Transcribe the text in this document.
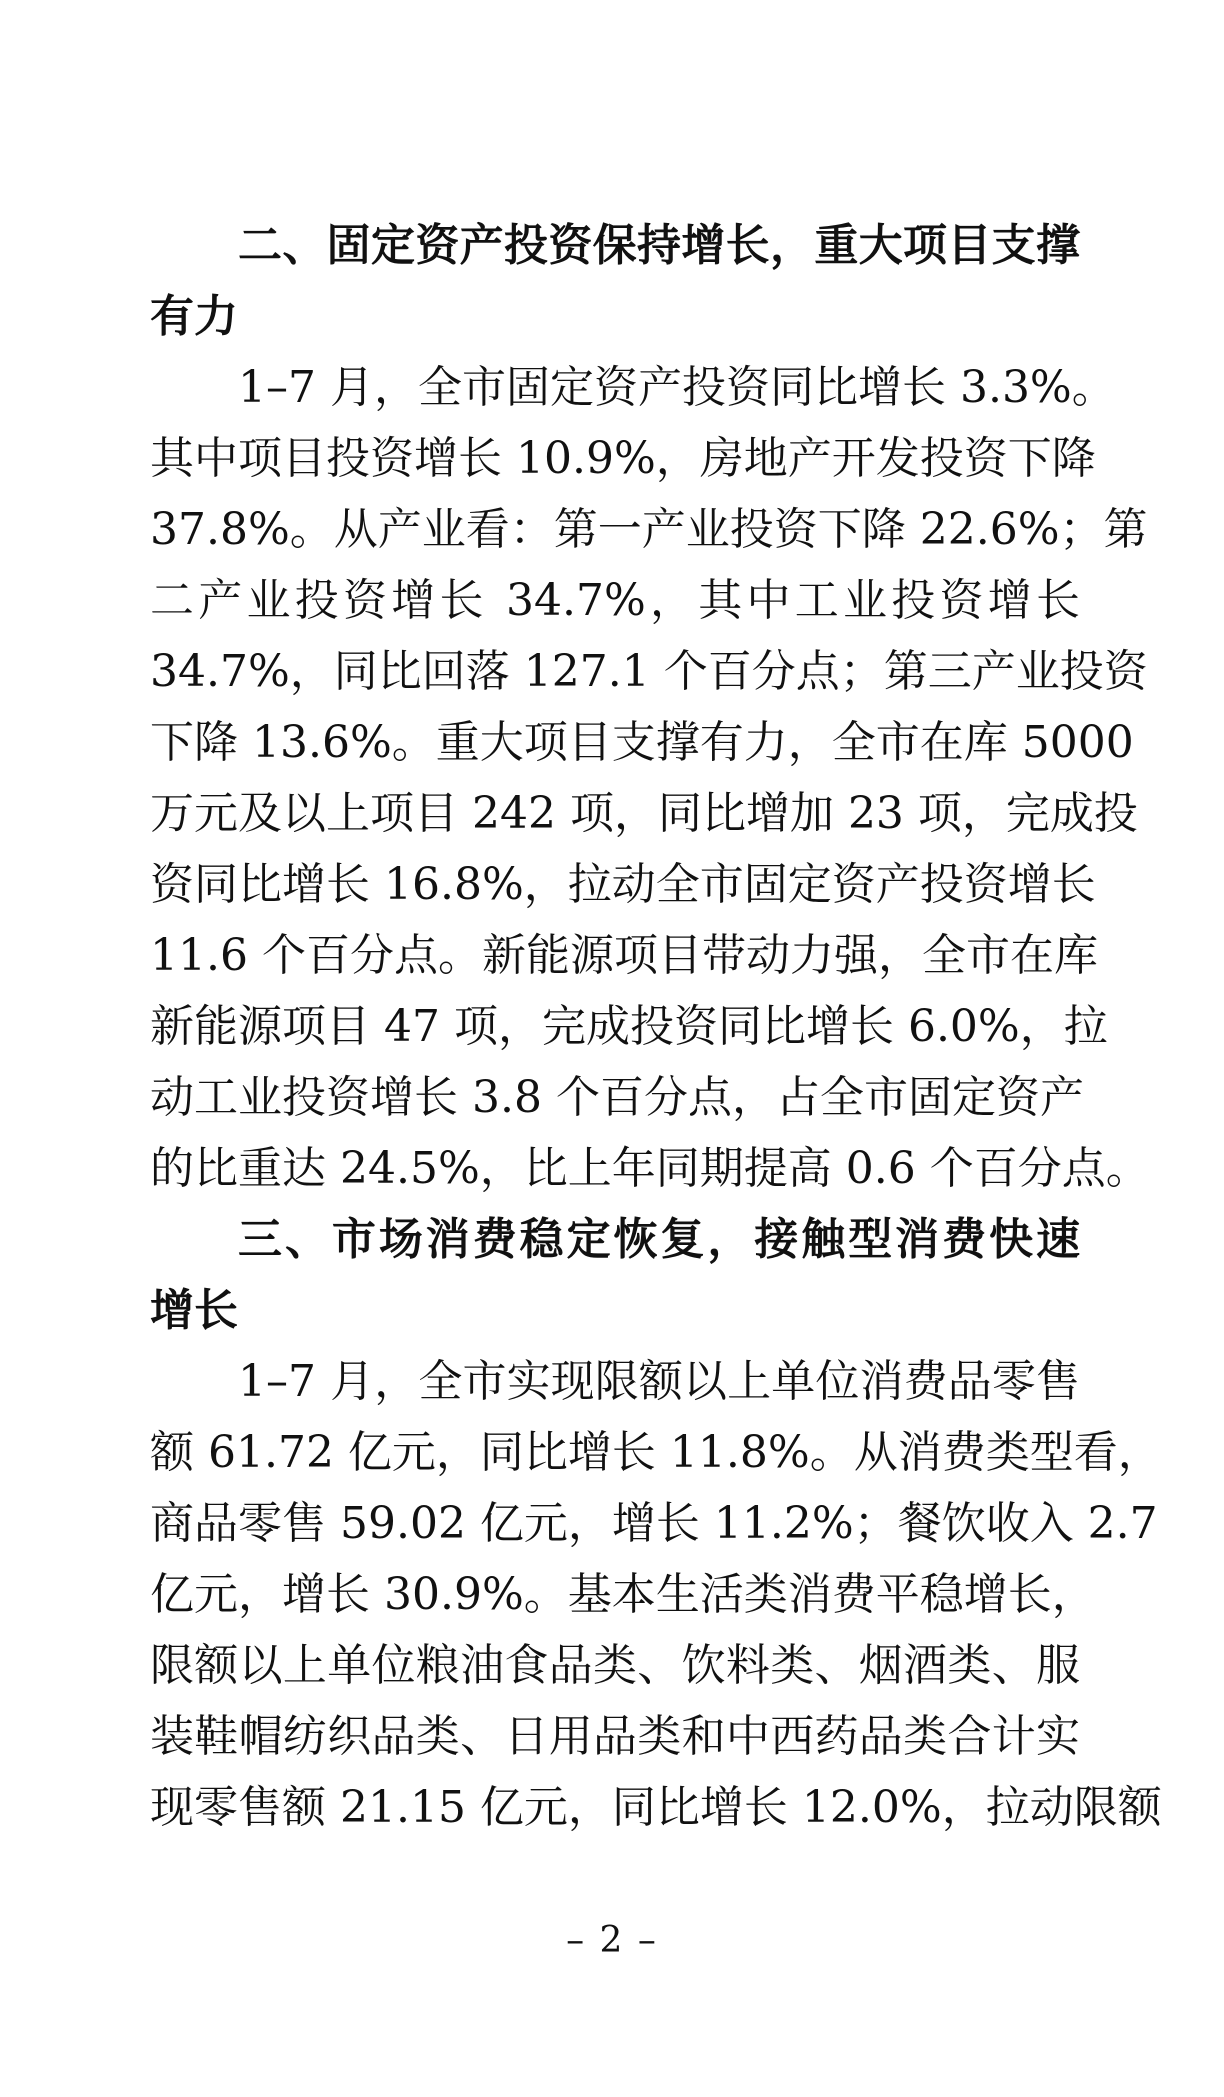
二、固定资产投资保持增长，重大项目支撑
有力
1–7 月，全市固定资产投资同比增长 3.3%。
其中项目投资增长 10.9%，房地产开发投资下降
37.8%。从产业看：第一产业投资下降 22.6%；第
二产业投资增长 34.7%，其中工业投资增长
34.7%，同比回落 127.1 个百分点；第三产业投资
下降 13.6%。重大项目支撑有力，全市在库 5000
万元及以上项目 242 项，同比增加 23 项，完成投
资同比增长 16.8%，拉动全市固定资产投资增长
11.6 个百分点。新能源项目带动力强，全市在库
新能源项目 47 项，完成投资同比增长 6.0%，拉
动工业投资增长 3.8 个百分点，占全市固定资产
的比重达 24.5%，比上年同期提高 0.6 个百分点。
三、市场消费稳定恢复，接触型消费快速
增长
1–7 月，全市实现限额以上单位消费品零售
额 61.72 亿元，同比增长 11.8%。从消费类型看，
商品零售 59.02 亿元，增长 11.2%；餐饮收入 2.7
亿元，增长 30.9%。基本生活类消费平稳增长，
限额以上单位粮油食品类、饮料类、烟酒类、服
装鞋帽纺织品类、日用品类和中西药品类合计实
现零售额 21.15 亿元，同比增长 12.0%，拉动限额
– 2 –
